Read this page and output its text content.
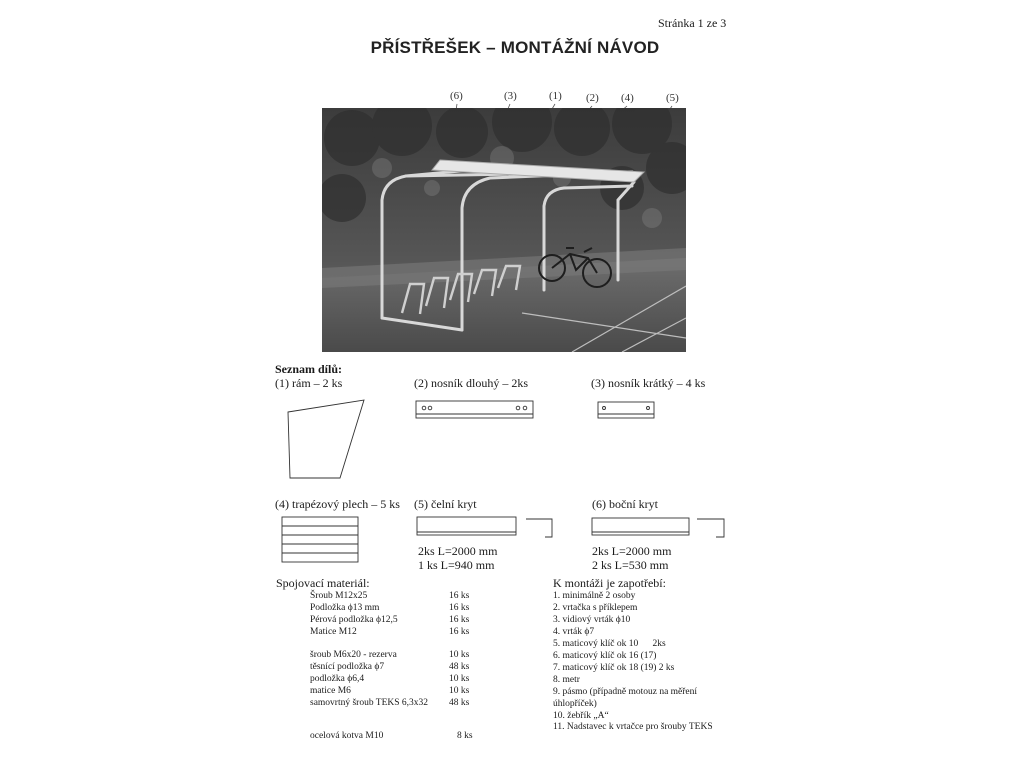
Stránka 1 ze 3
PŘÍSTŘEŠEK – MONTÁŽNÍ NÁVOD
(6)	(3)	(1) (2) (4)	(5)
Seznam dílů:
(1) rám – 2 ks	(2) nosník dlouhý – 2ks	(3) nosník krátký – 4 ks
(4) trapézový plech – 5 ks (5) čelní kryt	(6) boční kryt
2ks L=2000 mm
1 ks L=940 mm
2ks L=2000 mm
2 ks L=530 mm
Spojovací materiál:
Šroub M12x25	16 ks
Podložka ϕ13 mm	16 ks
Pérová podložka ϕ12,5	16 ks
Matice M12	16 ks
šroub M6x20 - rezerva	10 ks
těsnící podložka ϕ7	48 ks
podložka ϕ6,4	10 ks
matice M6	10 ks
samovrtný šroub TEKS 6,3x32 48 ks
ocelová kotva M10	8 ks
K montáži je zapotřebí:
1. minimálně 2 osoby
2. vrtačka s příklepem
3. vidiový vrták ϕ10
4. vrták ϕ7
5. maticový klíč ok 10      2ks
6. maticový klíč ok 16 (17)
7. maticový klíč ok 18 (19) 2 ks
8. metr
9. pásmo (případně motouz na měření
úhlopříček)
10. žebřík „A“
11. Nadstavec k vrtačce pro šrouby TEKS
